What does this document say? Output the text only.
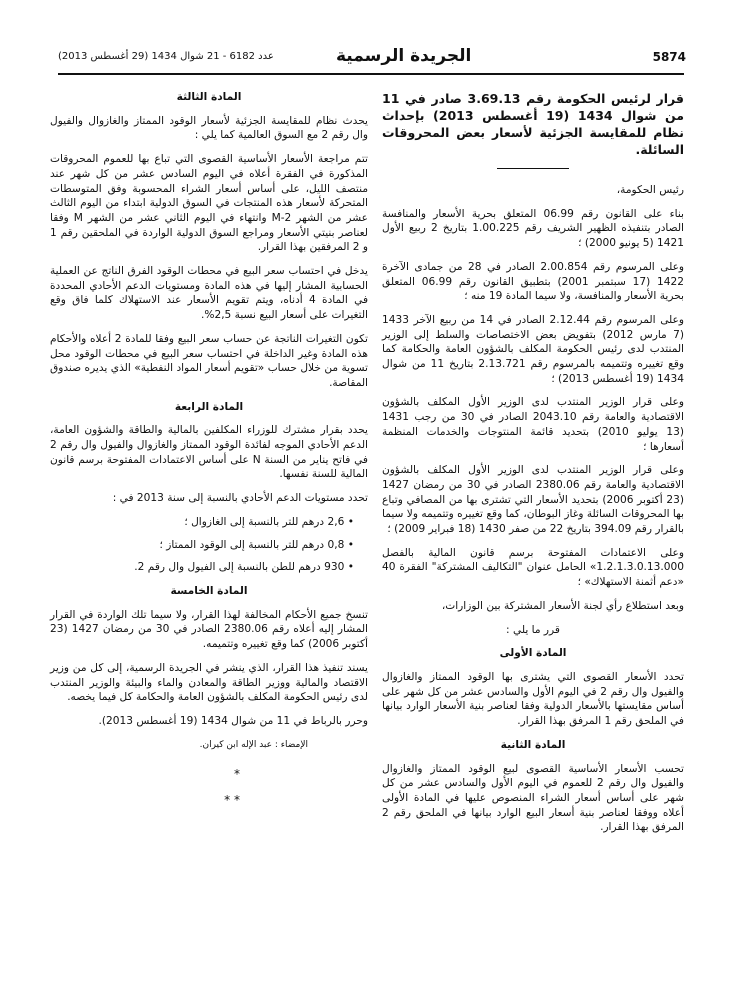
5874
الجريدة الرسمية
عدد 6182 - 21 شوال 1434 (29 أغسطس 2013)
قرار لرئيس الحكومة رقم 3.69.13 صادر في 11 من شوال 1434 (19 أغسطس 2013) بإحداث نظام للمقايسة الجزئية لأسعار بعض المحروقات السائلة.

رئيس الحكومة،

بناء على القانون رقم 06.99 المتعلق بحرية الأسعار والمنافسة الصادر بتنفيذه الظهير الشريف رقم 1.00.225 بتاريخ 2 ربيع الأول 1421 (5 يونيو 2000) ؛

وعلى المرسوم رقم 2.00.854 الصادر في 28 من جمادى الآخرة 1422 (17 سبتمبر 2001) بتطبيق القانون رقم 06.99 المتعلق بحرية الأسعار والمنافسة، ولا سيما المادة 19 منه ؛

وعلى المرسوم رقم 2.12.44 الصادر في 14 من ربيع الآخر 1433 (7 مارس 2012) بتفويض بعض الاختصاصات والسلط إلى الوزير المنتدب لدى رئيس الحكومة المكلف بالشؤون العامة والحكامة كما وقع تغييره وتتميمه بالمرسوم رقم 2.13.721 بتاريخ 11 من شوال 1434 (19 أغسطس 2013) ؛

وعلى قرار الوزير المنتدب لدى الوزير الأول المكلف بالشؤون الاقتصادية والعامة رقم 2043.10 الصادر في 30 من رجب 1431 (13 يوليو 2010) بتحديد قائمة المنتوجات والخدمات المنظمة أسعارها ؛

وعلى قرار الوزير المنتدب لدى الوزير الأول المكلف بالشؤون الاقتصادية والعامة رقم 2380.06 الصادر في 30 من رمضان 1427 (23 أكتوبر 2006) بتحديد الأسعار التي تشترى بها من المصافي وتباع بها المحروقات السائلة وغاز البوطان، كما وقع تغييره وتتميمه ولا سيما بالقرار رقم 394.09 بتاريخ 22 من صفر 1430 (18 فبراير 2009) ؛

وعلى الاعتمادات المفتوحة برسم قانون المالية بالفصل 1.2.1.3.0.13.000» الحامل عنوان "التكاليف المشتركة" الفقرة 40 «دعم أثمنة الاستهلاك» ؛

وبعد استطلاع رأي لجنة الأسعار المشتركة بين الوزارات،

قرر ما يلي :

المادة الأولى

تحدد الأسعار القصوى التي يشترى بها الوقود الممتاز والغازوال والفيول وال رقم 2 في اليوم الأول والسادس عشر من كل شهر على أساس مقايستها بالأسعار الدولية وفقا لعناصر بنية الأسعار الوارد بيانها في الملحق رقم 1 المرفق بهذا القرار.

المادة الثانية

تحسب الأسعار الأساسية القصوى لبيع الوقود الممتاز والغازوال والفيول وال رقم 2 للعموم في اليوم الأول والسادس عشر من كل شهر على أساس أسعار الشراء المنصوص عليها في المادة الأولى أعلاه ووفقا لعناصر بنية أسعار البيع الوارد بيانها في الملحق رقم 2 المرفق بهذا القرار.

المادة الثالثة

يحدث نظام للمقايسة الجزئية لأسعار الوقود الممتاز والغازوال والفيول وال رقم 2 مع السوق العالمية كما يلي :

تتم مراجعة الأسعار الأساسية القصوى التي تباع بها للعموم المحروقات المذكورة في الفقرة أعلاه في اليوم السادس عشر من كل شهر عند منتصف الليل، على أساس أسعار الشراء المحسوبة وفق المتوسطات المتحركة لأسعار هذه المنتجات في السوق الدولية ابتداء من اليوم الثالث عشر من الشهر M-2 وانتهاء في اليوم الثاني عشر من الشهر M وفقا لعناصر بنيتي الأسعار ومراجع السوق الدولية الواردة في الملحقين رقم 1 و 2 المرفقين بهذا القرار.

يدخل في احتساب سعر البيع في محطات الوقود الفرق الناتج عن العملية الحسابية المشار إليها في هذه المادة ومستويات الدعم الأحادي المحددة في المادة 4 أدناه، ويتم تقويم الأسعار عند الاستهلاك كلما فاق وقع التغيرات على أسعار البيع نسبة 2,5%.

تكون التغيرات الناتجة عن حساب سعر البيع وفقا للمادة 2 أعلاه والأحكام هذه المادة وغير الداخلة في احتساب سعر البيع في محطات الوقود محل تسوية من خلال حساب «تقويم أسعار المواد النفطية» الذي يديره صندوق المقاصة.

المادة الرابعة

يحدد بقرار مشترك للوزراء المكلفين بالمالية والطاقة والشؤون العامة، الدعم الأحادي الموجه لفائدة الوقود الممتاز والغازوال والفيول وال رقم 2 في فاتح يناير من السنة N على أساس الاعتمادات المفتوحة برسم قانون المالية للسنة نفسها.

تحدد مستويات الدعم الأحادي بالنسبة إلى سنة 2013 في :

• 2,6 درهم للتر بالنسبة إلى الغازوال ؛
• 0,8 درهم للتر بالنسبة إلى الوقود الممتاز ؛
• 930 درهم للطن بالنسبة إلى الفيول وال رقم 2.
المادة الخامسة

تنسخ جميع الأحكام المخالفة لهذا القرار، ولا سيما تلك الواردة في القرار المشار إليه أعلاه رقم 2380.06 الصادر في 30 من رمضان 1427 (23 أكتوبر 2006) كما وقع تغييره وتتميمه.

يسند تنفيذ هذا القرار، الذي ينشر في الجريدة الرسمية، إلى كل من وزير الاقتصاد والمالية ووزير الطاقة والمعادن والماء والبيئة والوزير المنتدب لدى رئيس الحكومة المكلف بالشؤون العامة والحكامة كل فيما يخصه.

وحرر بالرباط في 11 من شوال 1434 (19 أغسطس 2013).

الإمضاء : عبد الإله ابن كيران.
*
* *
